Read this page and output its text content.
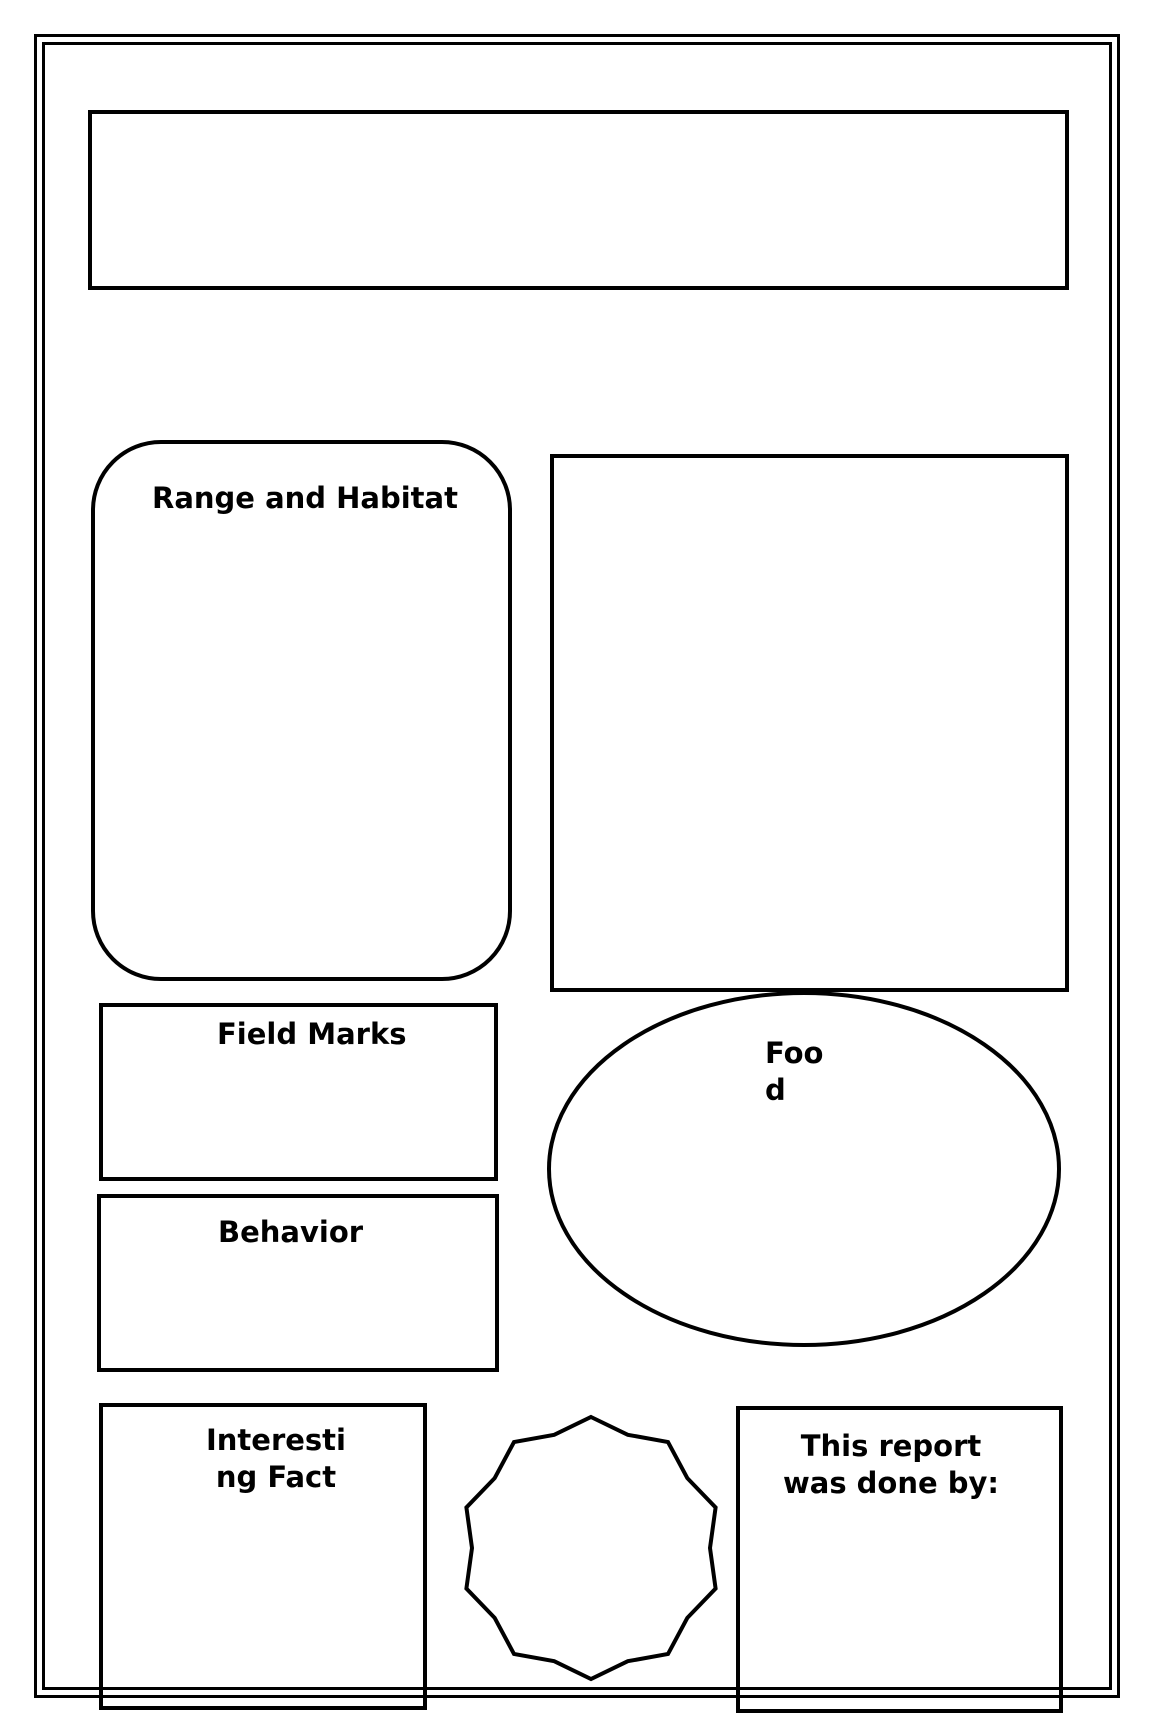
Range and Habitat
Field Marks
Foo
d
Behavior
Interesti
ng Fact
This report
was done by:
